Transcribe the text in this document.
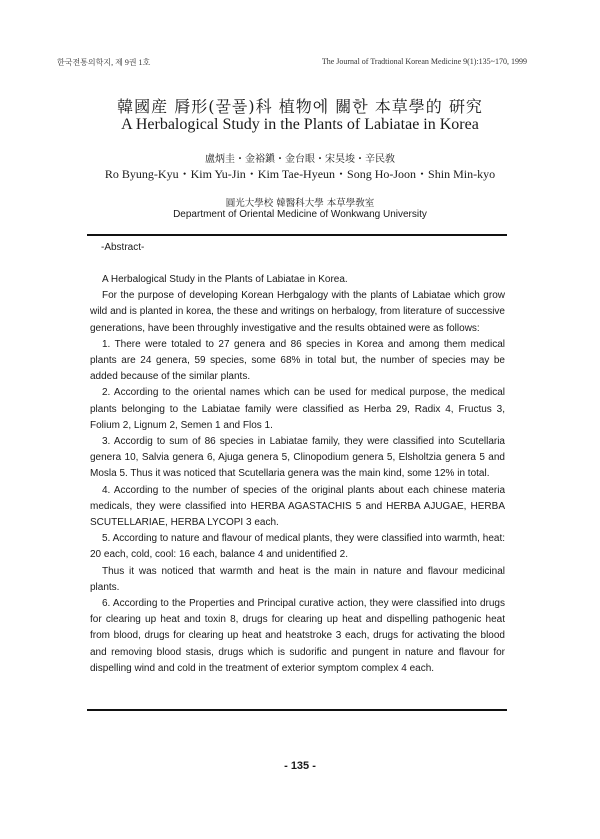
한국전통의학지, 제 9권 1호	The Journal of Tradtional Korean Medicine 9(1):135~170, 1999
韓國産 脣形(꿀풀)科 植物에 關한 本草學的 硏究
A Herbalogical Study in the Plants of Labiatae in Korea
盧炳圭・金裕鎭・金台眼・宋昊埈・辛民敎
Ro Byung-Kyu・Kim Yu-Jin・Kim Tae-Hyeun・Song Ho-Joon・Shin Min-kyo
圓光大學校 韓醫科大學 本草學敎室
Department of Oriental Medicine of Wonkwang University
-Abstract-

A Herbalogical Study in the Plants of Labiatae in Korea.

For the purpose of developing Korean Herbgalogy with the plants of Labiatae which grow wild and is planted in korea, the these and writings on herbalogy, from literature of successive generations, have been throughly investigative and the results obtained were as follows:

1. There were totaled to 27 genera and 86 species in Korea and among them medical plants are 24 genera, 59 species, some 68% in total but, the number of species may be added because of the similar plants.

2. According to the oriental names which can be used for medical purpose, the medical plants belonging to the Labiatae family were classified as Herba 29, Radix 4, Fructus 3, Folium 2, Lignum 2, Semen 1 and Flos 1.

3. Accordig to sum of 86 species in Labiatae family, they were classified into Scutellaria genera 10, Salvia genera 6, Ajuga genera 5, Clinopodium genera 5, Elsholtzia genera 5 and Mosla 5. Thus it was noticed that Scutellaria genera was the main kind, some 12% in total.

4. According to the number of species of the original plants about each chinese materia medicals, they were classified into HERBA AGASTACHIS 5 and HERBA AJUGAE, HERBA SCUTELLARIAE, HERBA LYCOPI 3 each.

5. According to nature and flavour of medical plants, they were classified into warmth, heat: 20 each, cold, cool: 16 each, balance 4 and unidentified 2.

Thus it was noticed that warmth and heat is the main in nature and flavour medicinal plants.

6. According to the Properties and Principal curative action, they were classified into drugs for clearing up heat and toxin 8, drugs for clearing up heat and dispelling pathogenic heat from blood, drugs for clearing up heat and heatstroke 3 each, drugs for activating the blood and removing blood stasis, drugs which is sudorific and pungent in nature and flavour for dispelling wind and cold in the treatment of exterior symptom complex 4 each.

- 135 -
